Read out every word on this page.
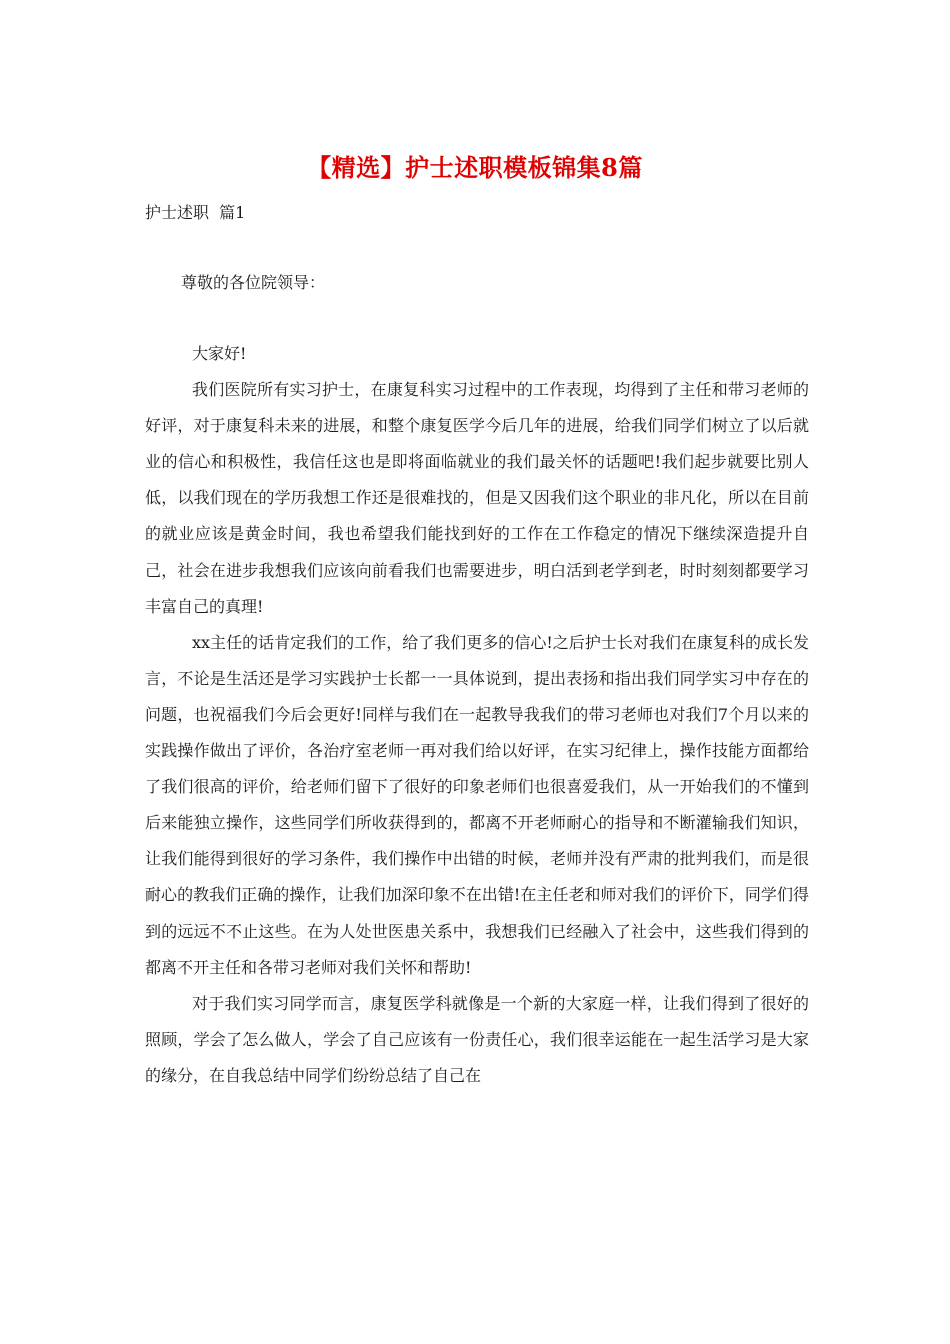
【精选】护士述职模板锦集8篇
护士述职  篇1
尊敬的各位院领导：

大家好!

我们医院所有实习护士，在康复科实习过程中的工作表现，均得到了主任和带习老师的好评，对于康复科未来的进展，和整个康复医学今后几年的进展，给我们同学们树立了以后就业的信心和积极性，我信任这也是即将面临就业的我们最关怀的话题吧!我们起步就要比别人低，以我们现在的学历我想工作还是很难找的，但是又因我们这个职业的非凡化，所以在目前的就业应该是黄金时间，我也希望我们能找到好的工作在工作稳定的情况下继续深造提升自己，社会在进步我想我们应该向前看我们也需要进步，明白活到老学到老，时时刻刻都要学习丰富自己的真理!

xx主任的话肯定我们的工作，给了我们更多的信心!之后护士长对我们在康复科的成长发言，不论是生活还是学习实践护士长都一一具体说到，提出表扬和指出我们同学实习中存在的问题，也祝福我们今后会更好!同样与我们在一起教导我我们的带习老师也对我们7个月以来的实践操作做出了评价，各治疗室老师一再对我们给以好评，在实习纪律上，操作技能方面都给了我们很高的评价，给老师们留下了很好的印象老师们也很喜爱我们，从一开始我们的不懂到后来能独立操作，这些同学们所收获得到的，都离不开老师耐心的指导和不断灌输我们知识，让我们能得到很好的学习条件，我们操作中出错的时候，老师并没有严肃的批判我们，而是很耐心的教我们正确的操作，让我们加深印象不在出错!在主任老和师对我们的评价下，同学们得到的远远不不止这些。在为人处世医患关系中，我想我们已经融入了社会中，这些我们得到的都离不开主任和各带习老师对我们关怀和帮助!

对于我们实习同学而言，康复医学科就像是一个新的大家庭一样，让我们得到了很好的照顾，学会了怎么做人，学会了自己应该有一份责任心，我们很幸运能在一起生活学习是大家的缘分，在自我总结中同学们纷纷总结了自己在
